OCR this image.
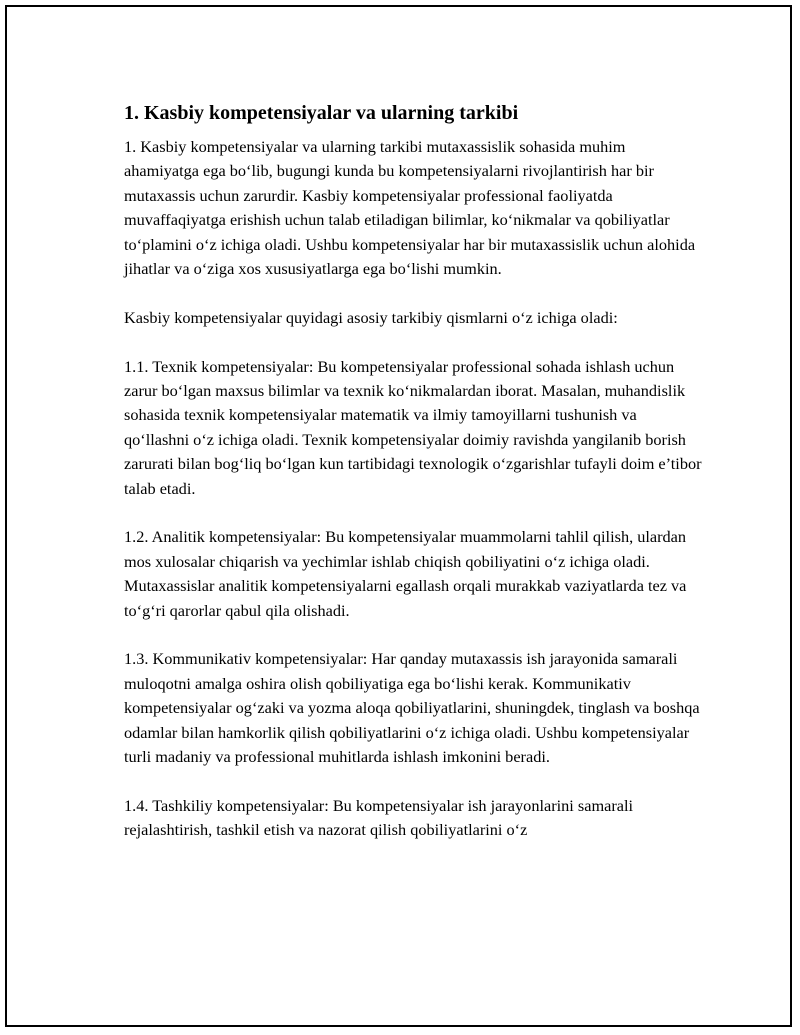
1. Kasbiy kompetensiyalar va ularning tarkibi

1. Kasbiy kompetensiyalar va ularning tarkibi mutaxassislik sohasida muhim ahamiyatga ega bo‘lib, bugungi kunda bu kompetensiyalarni rivojlantirish har bir mutaxassis uchun zarurdir. Kasbiy kompetensiyalar professional faoliyatda muvaffaqiyatga erishish uchun talab etiladigan bilimlar, ko‘nikmalar va qobiliyatlar to‘plamini o‘z ichiga oladi. Ushbu kompetensiyalar har bir mutaxassislik uchun alohida jihatlar va o‘ziga xos xususiyatlarga ega bo‘lishi mumkin.

Kasbiy kompetensiyalar quyidagi asosiy tarkibiy qismlarni o‘z ichiga oladi:

1.1. Texnik kompetensiyalar: Bu kompetensiyalar professional sohada ishlash uchun zarur bo‘lgan maxsus bilimlar va texnik ko‘nikmalardan iborat. Masalan, muhandislik sohasida texnik kompetensiyalar matematik va ilmiy tamoyillarni tushunish va qo‘llashni o‘z ichiga oladi. Texnik kompetensiyalar doimiy ravishda yangilanib borish zarurati bilan bog‘liq bo‘lgan kun tartibidagi texnologik o‘zgarishlar tufayli doim e’tibor talab etadi.

1.2. Analitik kompetensiyalar: Bu kompetensiyalar muammolarni tahlil qilish, ulardan mos xulosalar chiqarish va yechimlar ishlab chiqish qobiliyatini o‘z ichiga oladi. Mutaxassislar analitik kompetensiyalarni egallash orqali murakkab vaziyatlarda tez va to‘g‘ri qarorlar qabul qila olishadi.

1.3. Kommunikativ kompetensiyalar: Har qanday mutaxassis ish jarayonida samarali muloqotni amalga oshira olish qobiliyatiga ega bo‘lishi kerak. Kommunikativ kompetensiyalar og‘zaki va yozma aloqa qobiliyatlarini, shuningdek, tinglash va boshqa odamlar bilan hamkorlik qilish qobiliyatlarini o‘z ichiga oladi. Ushbu kompetensiyalar turli madaniy va professional muhitlarda ishlash imkonini beradi.

1.4. Tashkiliy kompetensiyalar: Bu kompetensiyalar ish jarayonlarini samarali rejalashtirish, tashkil etish va nazorat qilish qobiliyatlarini o‘z
